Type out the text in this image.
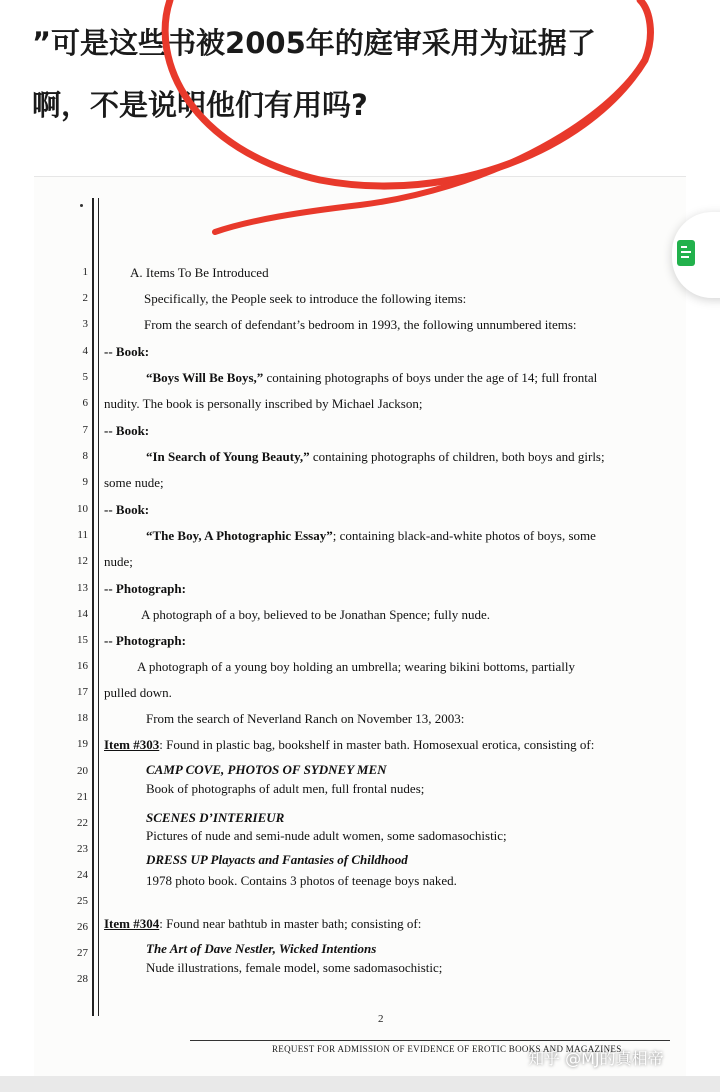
”可是这些书被2005年的庭审采用为证据了
啊，不是说明他们有用吗?
1
2
3
4
5
6
7
8
9
10
11
12
13
14
15
16
17
18
19
20
21
22
23
24
25
26
27
28
A. Items To Be Introduced
Specifically, the People seek to introduce the following items:
From the search of defendant’s bedroom in 1993, the following unnumbered items:
-- Book:
“Boys Will Be Boys,” containing photographs of boys under the age of 14; full frontal
nudity. The book is personally inscribed by Michael Jackson;
-- Book:
“In Search of Young Beauty,” containing photographs of children, both boys and girls;
some nude;
-- Book:
“The Boy, A Photographic Essay”; containing black-and-white photos of boys, some
nude;
-- Photograph:
A photograph of a boy, believed to be Jonathan Spence; fully nude.
-- Photograph:
A photograph of a young boy holding an umbrella; wearing bikini bottoms, partially
pulled down.
From the search of Neverland Ranch on November 13, 2003:
Item #303: Found in plastic bag, bookshelf in master bath. Homosexual erotica, consisting of:
CAMP COVE, PHOTOS OF SYDNEY MEN
Book of photographs of adult men, full frontal nudes;
SCENES D’INTERIEUR
Pictures of nude and semi-nude adult women, some sadomasochistic;
DRESS UP Playacts and Fantasies of Childhood
1978 photo book. Contains 3 photos of teenage boys naked.
Item #304: Found near bathtub in master bath; consisting of:
The Art of Dave Nestler, Wicked Intentions
Nude illustrations, female model, some sadomasochistic;
2
REQUEST FOR ADMISSION OF EVIDENCE OF EROTIC BOOKS AND MAGAZINES
知乎 @MJ的真相帝
